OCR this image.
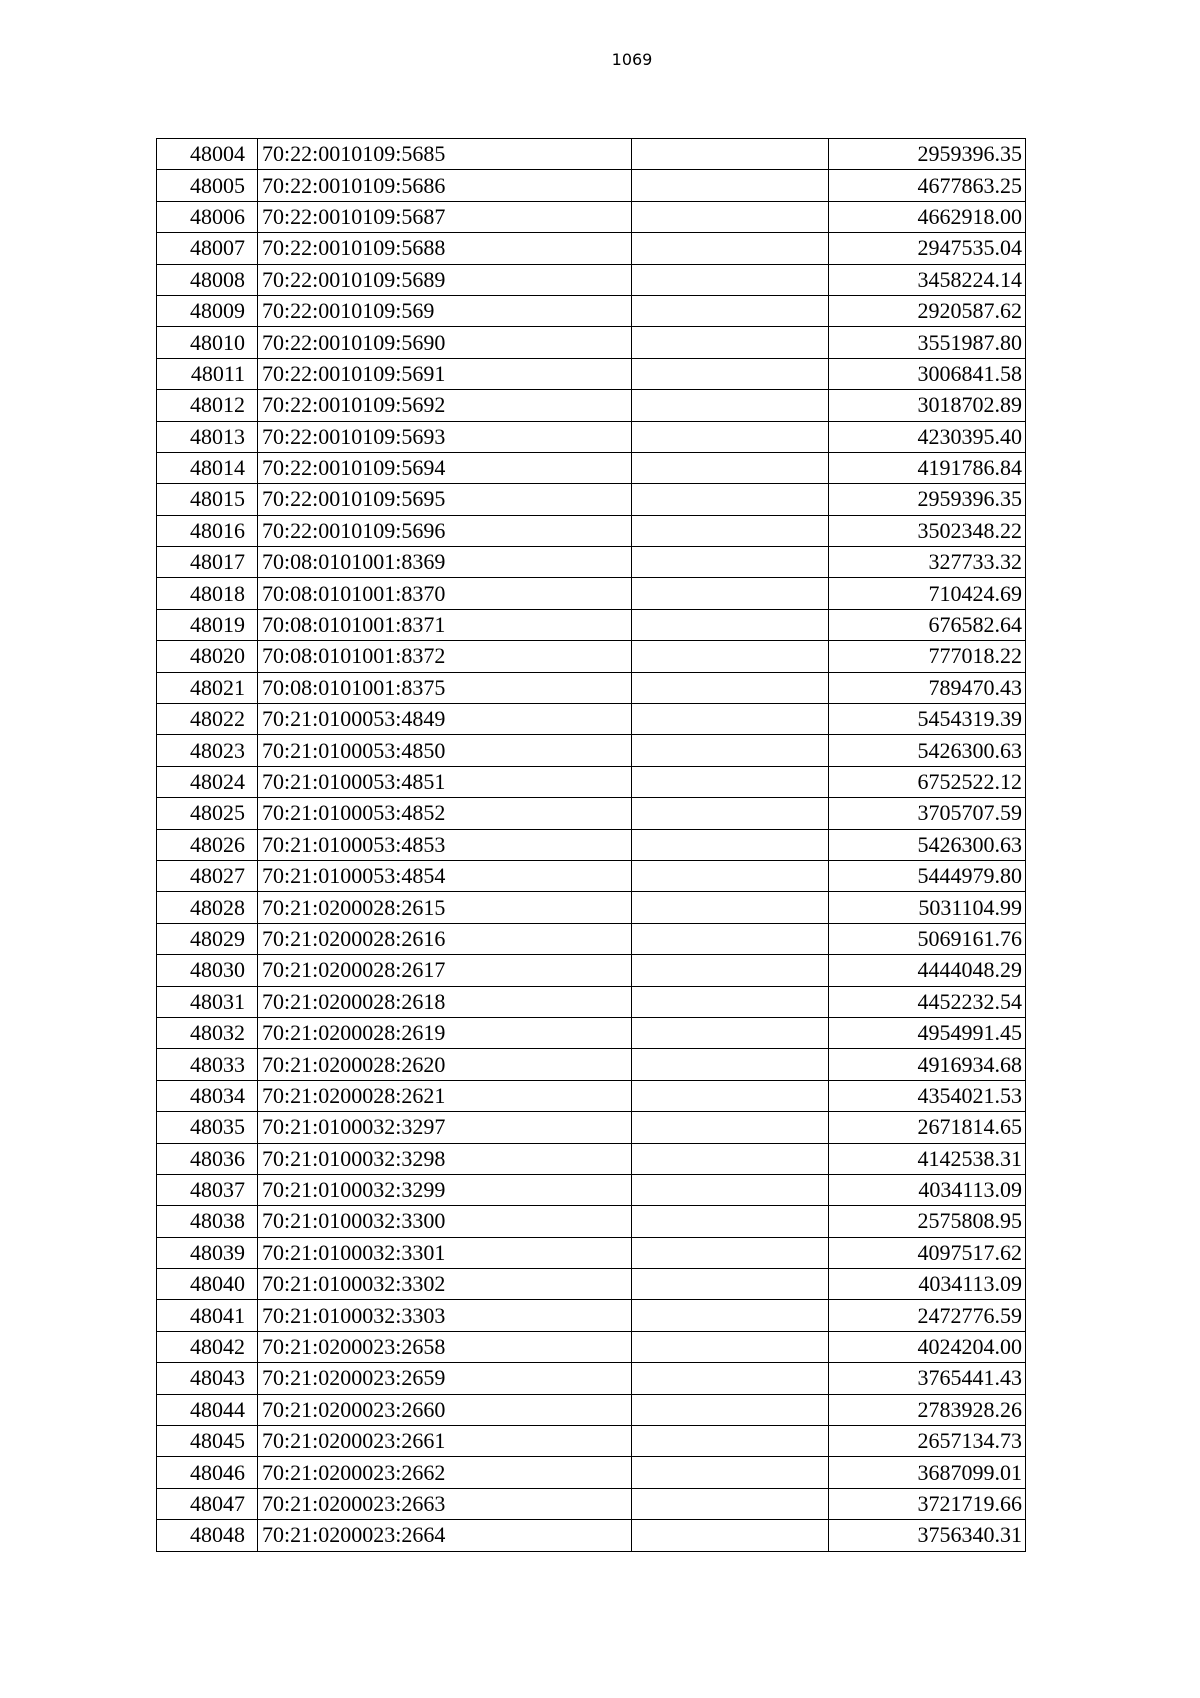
1069
48004	70:22:0010109:5685		2959396.35
48005	70:22:0010109:5686		4677863.25
48006	70:22:0010109:5687		4662918.00
48007	70:22:0010109:5688		2947535.04
48008	70:22:0010109:5689		3458224.14
48009	70:22:0010109:569		2920587.62
48010	70:22:0010109:5690		3551987.80
48011	70:22:0010109:5691		3006841.58
48012	70:22:0010109:5692		3018702.89
48013	70:22:0010109:5693		4230395.40
48014	70:22:0010109:5694		4191786.84
48015	70:22:0010109:5695		2959396.35
48016	70:22:0010109:5696		3502348.22
48017	70:08:0101001:8369		327733.32
48018	70:08:0101001:8370		710424.69
48019	70:08:0101001:8371		676582.64
48020	70:08:0101001:8372		777018.22
48021	70:08:0101001:8375		789470.43
48022	70:21:0100053:4849		5454319.39
48023	70:21:0100053:4850		5426300.63
48024	70:21:0100053:4851		6752522.12
48025	70:21:0100053:4852		3705707.59
48026	70:21:0100053:4853		5426300.63
48027	70:21:0100053:4854		5444979.80
48028	70:21:0200028:2615		5031104.99
48029	70:21:0200028:2616		5069161.76
48030	70:21:0200028:2617		4444048.29
48031	70:21:0200028:2618		4452232.54
48032	70:21:0200028:2619		4954991.45
48033	70:21:0200028:2620		4916934.68
48034	70:21:0200028:2621		4354021.53
48035	70:21:0100032:3297		2671814.65
48036	70:21:0100032:3298		4142538.31
48037	70:21:0100032:3299		4034113.09
48038	70:21:0100032:3300		2575808.95
48039	70:21:0100032:3301		4097517.62
48040	70:21:0100032:3302		4034113.09
48041	70:21:0100032:3303		2472776.59
48042	70:21:0200023:2658		4024204.00
48043	70:21:0200023:2659		3765441.43
48044	70:21:0200023:2660		2783928.26
48045	70:21:0200023:2661		2657134.73
48046	70:21:0200023:2662		3687099.01
48047	70:21:0200023:2663		3721719.66
48048	70:21:0200023:2664		3756340.31
